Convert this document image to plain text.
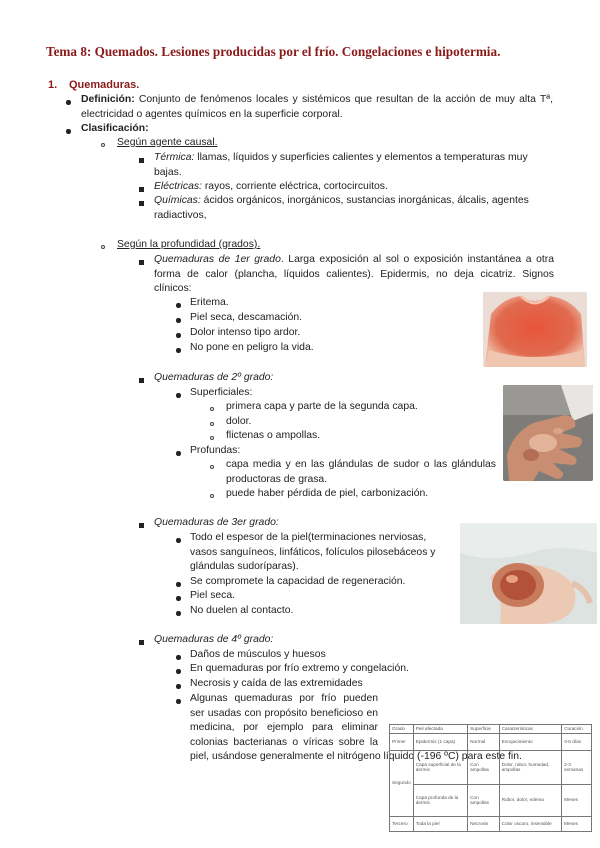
Tema 8: Quemados. Lesiones producidas por el frío. Congelaciones e hipotermia.
1. Quemaduras.
Definición: Conjunto de fenómenos locales y sistémicos que resultan de la acción de muy alta Tª, electricidad o agentes químicos en la superficie corporal.
Clasificación:
Según agente causal.
Térmica: llamas, líquidos y superficies calientes y elementos a temperaturas muy bajas.
Eléctricas: rayos, corriente eléctrica, cortocircuitos.
Químicas: ácidos orgánicos, inorgánicos, sustancias inorgánicas, álcalis, agentes radiactivos,
Según la profundidad (grados).
Quemaduras de 1er grado. Larga exposición al sol o exposición instantánea a otra forma de calor (plancha, líquidos calientes). Epidermis, no deja cicatriz. Signos clínicos:
Eritema.
Piel seca, descamación.
Dolor intenso tipo ardor.
No pone en peligro la vida.
Quemaduras de 2º grado:
Superficiales:
primera capa y parte de la segunda capa.
dolor.
flictenas o ampollas.
Profundas:
capa media y en las glándulas de sudor o las glándulas productoras de grasa.
puede haber pérdida de piel, carbonización.
Quemaduras de 3er grado:
Todo el espesor de la piel(terminaciones nerviosas, vasos sanguíneos, linfáticos, folículos pilosebáceos y glándulas sudoríparas).
Se compromete la capacidad de regeneración.
Piel seca.
No duelen al contacto.
Quemaduras de 4º grado:
Daños de músculos y huesos
En quemaduras por frío extremo y congelación.
Necrosis y caída de las extremidades
Algunas quemaduras por frío pueden ser usadas con propósito beneficioso en medicina, por ejemplo para eliminar colonias bacterianas o víricas sobre la piel, usándose generalmente el nitrógeno líquido (-196 ºC) para este fin.
Grado	Piel afectada	Superficie	Características	Curación
Primer	Epidermis (1 capa)	Normal	Enrojecimiento	3-6 días
Segundo	Capa superficial de la dermis	Con ampollas	Dolor, rubor, humedad, ampollas	2-3 semanas
	Capa profunda de la dermis	Con ampollas	Rubor, dolor, edema	Meses
Tercero	Toda la piel	Necrosis	Color oscuro, insensible	Meses
